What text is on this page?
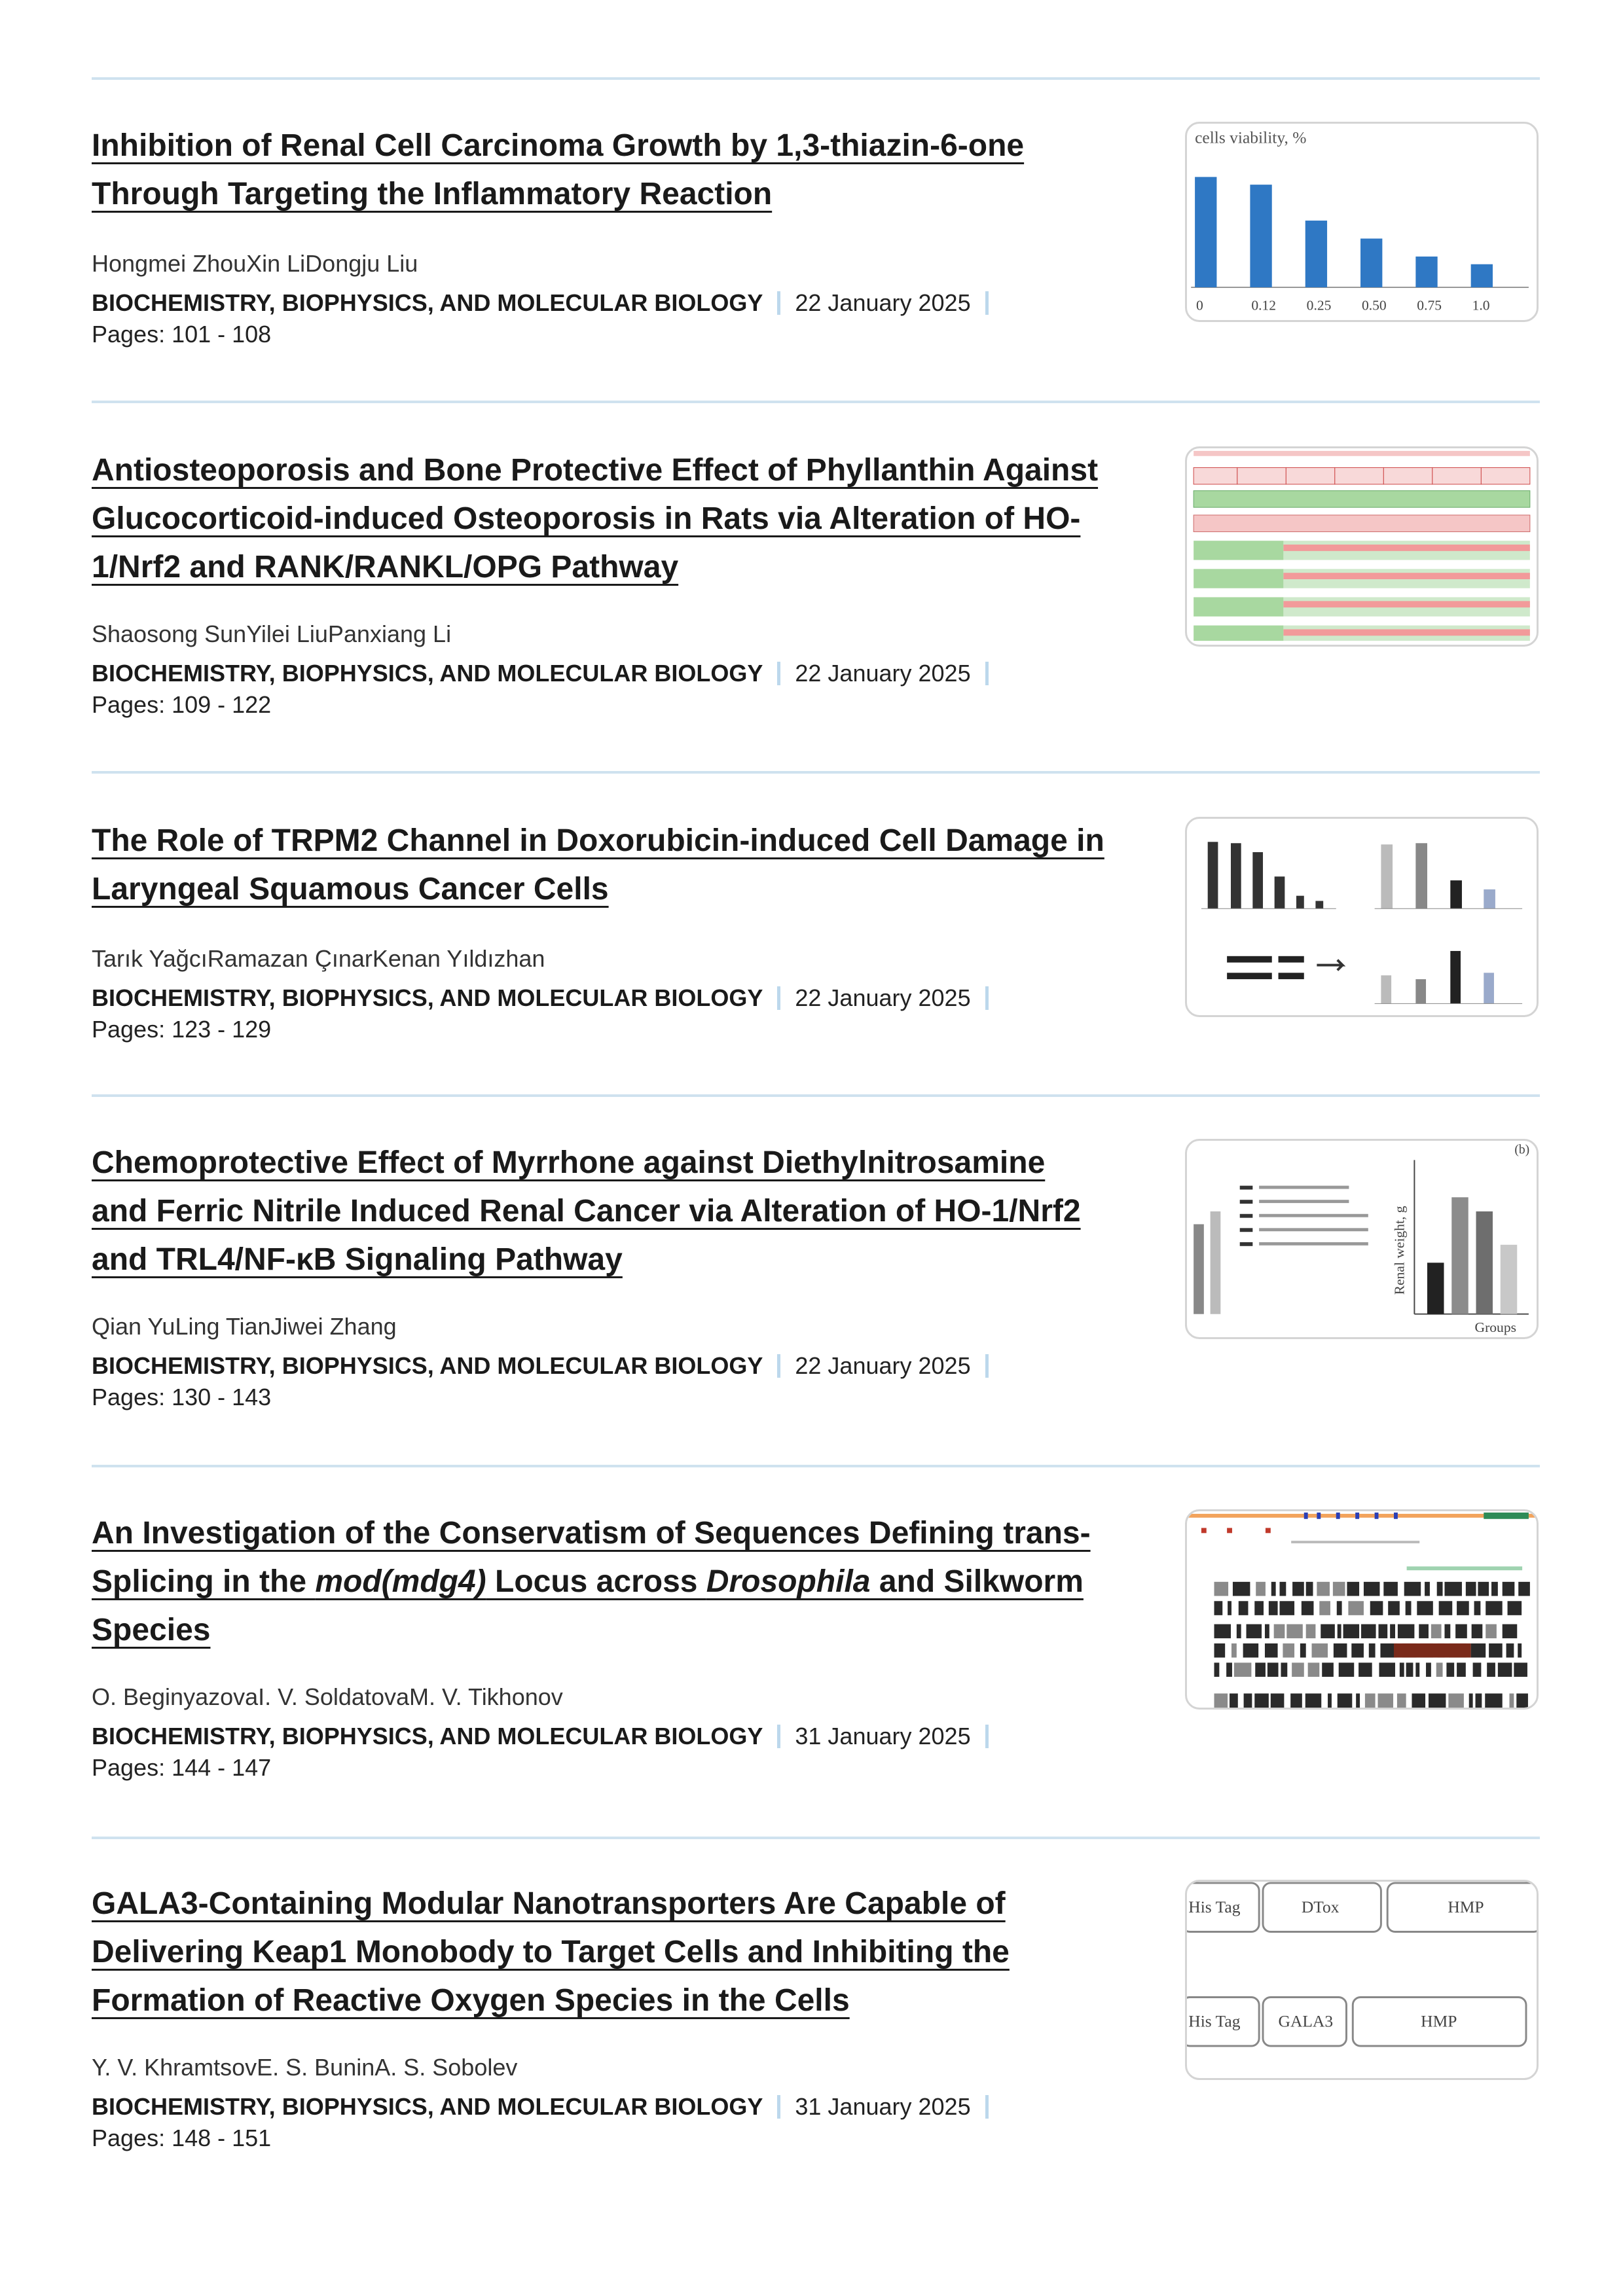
Inhibition of Renal Cell Carcinoma Growth by 1,3-thiazin-6-one
Through Targeting the Inflammatory Reaction
Hongmei ZhouXin LiDongju Liu
BIOCHEMISTRY, BIOPHYSICS, AND MOLECULAR BIOLOGY 22 January 2025
Pages: 101 - 108
cells viability, %
0	0.12 0.25 0.50 0.75 1.0
Antiosteoporosis and Bone Protective Effect of Phyllanthin Against
Glucocorticoid-induced Osteoporosis in Rats via Alteration of HO-
1/Nrf2 and RANK/RANKL/OPG Pathway
Shaosong SunYilei LiuPanxiang Li
BIOCHEMISTRY, BIOPHYSICS, AND MOLECULAR BIOLOGY 22 January 2025
Pages: 109 - 122
The Role of TRPM2 Channel in Doxorubicin-induced Cell Damage in
Laryngeal Squamous Cancer Cells
Tarık YağcıRamazan ÇınarKenan Yıldızhan
BIOCHEMISTRY, BIOPHYSICS, AND MOLECULAR BIOLOGY 22 January 2025
Pages: 123 - 129
Chemoprotective Effect of Myrrhone against Diethylnitrosamine
and Ferric Nitrile Induced Renal Cancer via Alteration of HO-1/Nrf2
and TRL4/NF-κB Signaling Pathway
Qian YuLing TianJiwei Zhang
BIOCHEMISTRY, BIOPHYSICS, AND MOLECULAR BIOLOGY 22 January 2025
Pages: 130 - 143
(b)
Renal weight, g
Groups
An Investigation of the Conservatism of Sequences Defining trans-
Splicing in the mod(mdg4) Locus across Drosophila and Silkworm
Species
O. BeginyazovaI. V. SoldatovaM. V. Tikhonov
BIOCHEMISTRY, BIOPHYSICS, AND MOLECULAR BIOLOGY 31 January 2025
Pages: 144 - 147
GALA3-Containing Modular Nanotransporters Are Capable of
Delivering Keap1 Monobody to Target Cells and Inhibiting the
Formation of Reactive Oxygen Species in the Cells
Y. V. KhramtsovE. S. BuninA. S. Sobolev
BIOCHEMISTRY, BIOPHYSICS, AND MOLECULAR BIOLOGY 31 January 2025
Pages: 148 - 151
His Tag	DTox	HMP
His Tag GALA3	HMP
